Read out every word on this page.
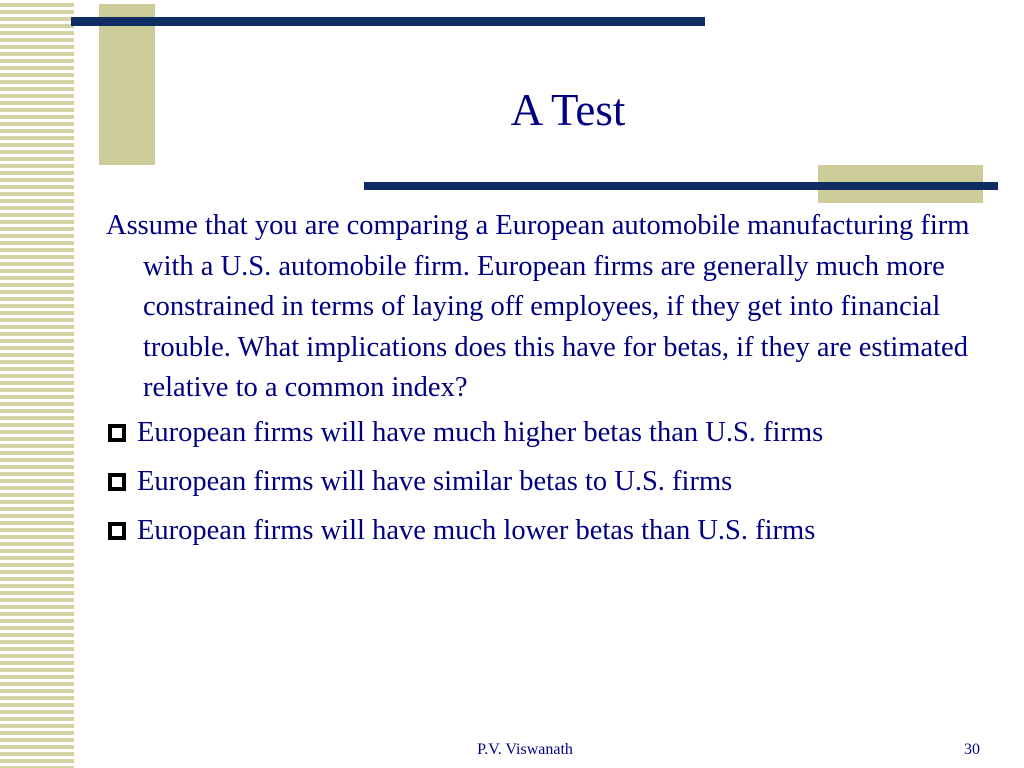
A Test

Assume that you are comparing a European automobile manufacturing firm with a U.S. automobile firm. European firms are generally much more constrained in terms of laying off employees, if they get into financial trouble. What implications does this have for betas, if they are estimated relative to a common index?

European firms will have much higher betas than U.S. firms
European firms will have similar betas to U.S. firms
European firms will have much lower betas than U.S. firms
P.V. Viswanath	30
